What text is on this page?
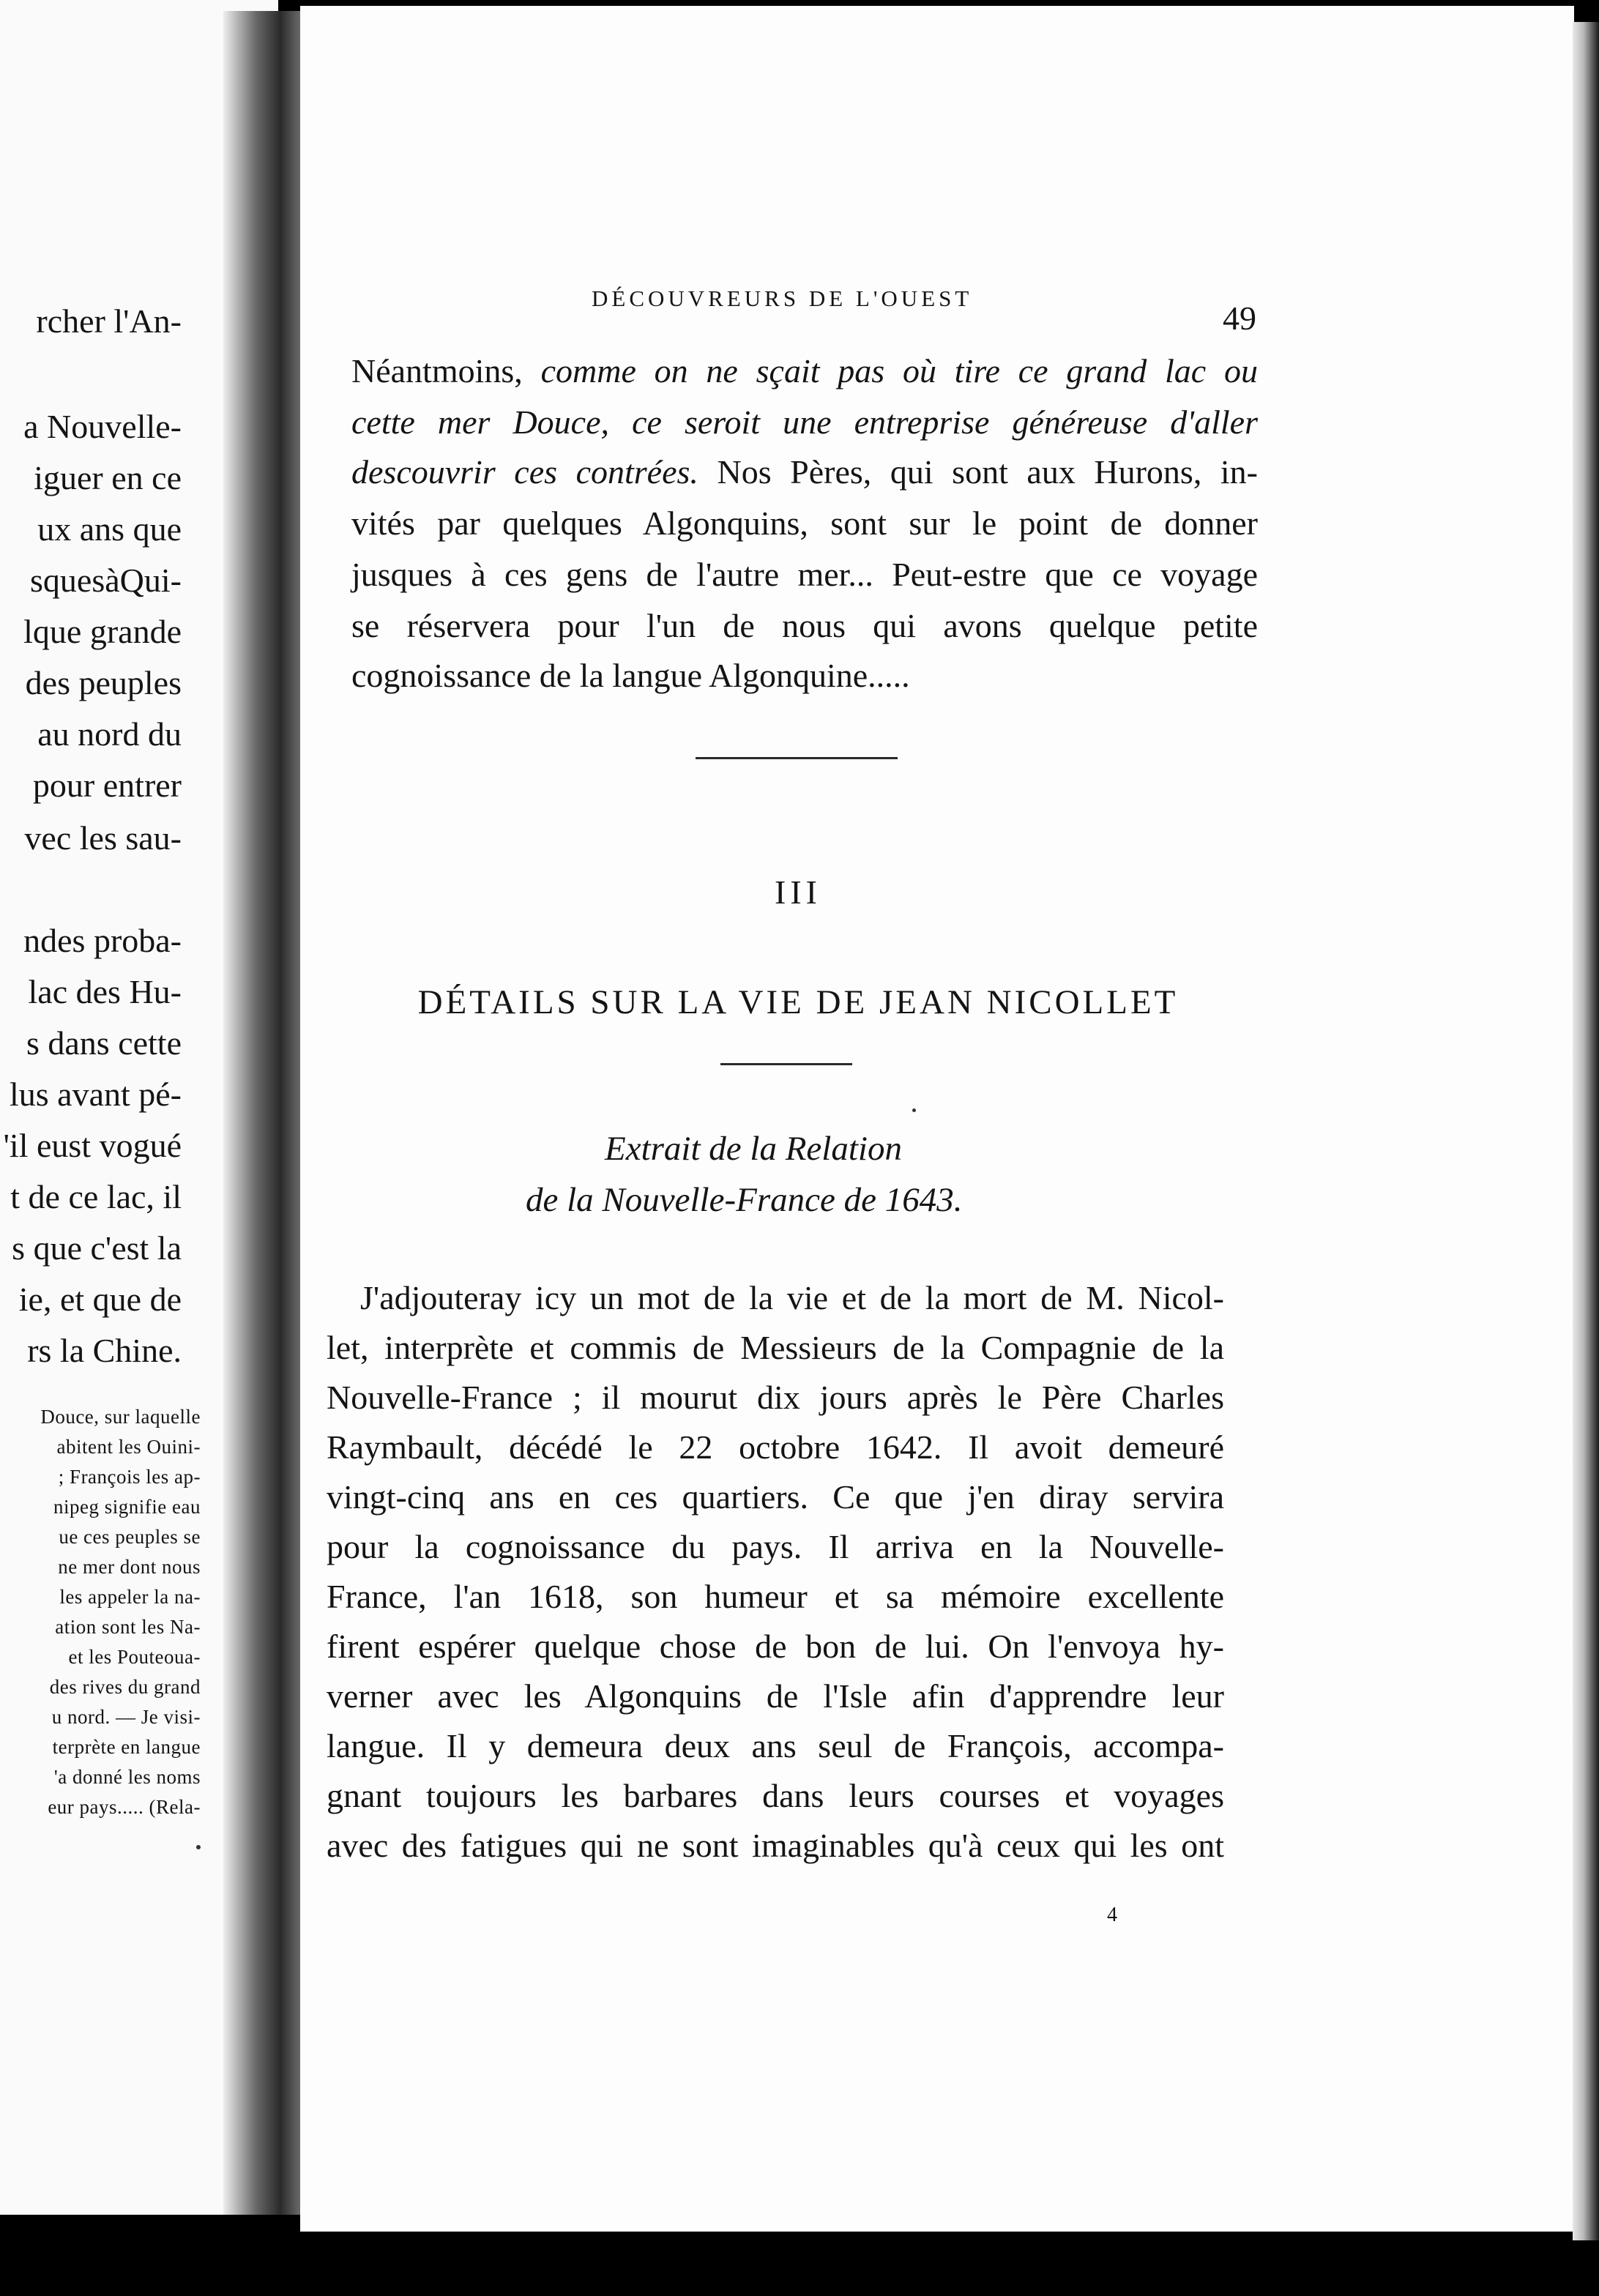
rcher l'An-
a Nouvelle-
iguer en ce
ux ans que
squesàQui-
lque grande
des peuples
au nord du
pour entrer
vec les sau-
ndes proba-
lac des Hu-
s dans cette
lus avant pé-
'il eust vogué
t de ce lac, il
s que c'est la
ie, et que de
rs la Chine.
Douce, sur laquelle
abitent les Ouini-
; François les ap-
nipeg signifie eau
ue ces peuples se
ne mer dont nous
les appeler la na-
ation sont les Na-
et les Pouteoua-
des rives du grand
u nord. — Je visi-
terprète en langue
'a donné les noms
eur pays..... (Rela-
DÉCOUVREURS DE L'OUEST
49
Néantmoins, comme on ne sçait pas où tire ce grand lac ou
cette mer Douce, ce seroit une entreprise généreuse d'aller
descouvrir ces contrées. Nos Pères, qui sont aux Hurons, in-
vités par quelques Algonquins, sont sur le point de donner
jusques à ces gens de l'autre mer... Peut-estre que ce voyage
se réservera pour l'un de nous qui avons quelque petite
cognoissance de la langue Algonquine.....
III
DÉTAILS SUR LA VIE DE JEAN NICOLLET
Extrait de la Relation
de la Nouvelle-France de 1643.
J'adjouteray icy un mot de la vie et de la mort de M. Nicol-
let, interprète et commis de Messieurs de la Compagnie de la
Nouvelle-France ; il mourut dix jours après le Père Charles
Raymbault, décédé le 22 octobre 1642. Il avoit demeuré
vingt-cinq ans en ces quartiers. Ce que j'en diray servira
pour la cognoissance du pays. Il arriva en la Nouvelle-
France, l'an 1618, son humeur et sa mémoire excellente
firent espérer quelque chose de bon de lui. On l'envoya hy-
verner avec les Algonquins de l'Isle afin d'apprendre leur
langue. Il y demeura deux ans seul de François, accompa-
gnant toujours les barbares dans leurs courses et voyages
avec des fatigues qui ne sont imaginables qu'à ceux qui les ont
4
